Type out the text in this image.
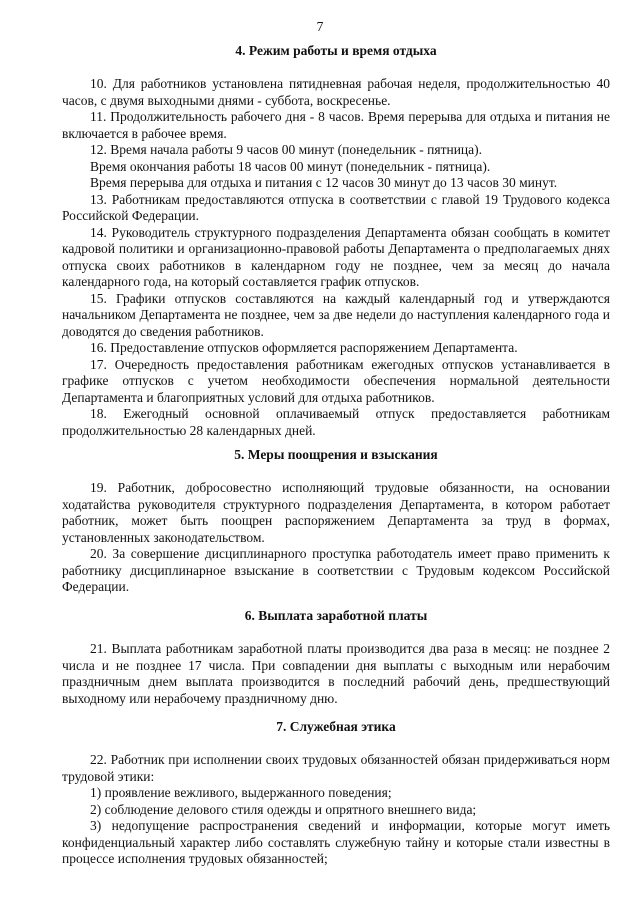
7
4. Режим работы и время отдыха

10. Для работников установлена пятидневная рабочая неделя, продолжительностью 40 часов, с двумя выходными днями - суббота, воскресенье.

11. Продолжительность рабочего дня - 8 часов. Время перерыва для отдыха и питания не включается в рабочее время.

12. Время начала работы 9 часов 00 минут (понедельник - пятница).

Время окончания работы 18 часов 00 минут (понедельник - пятница).

Время перерыва для отдыха и питания с 12 часов 30 минут до 13 часов 30 минут.

13. Работникам предоставляются отпуска в соответствии с главой 19 Трудового кодекса Российской Федерации.

14. Руководитель структурного подразделения Департамента обязан сообщать в комитет кадровой политики и организационно-правовой работы Департамента о предполагаемых днях отпуска своих работников в календарном году не позднее, чем за месяц до начала календарного года, на который составляется график отпусков.

15. Графики отпусков составляются на каждый календарный год и утверждаются начальником Департамента не позднее, чем за две недели до наступления календарного года и доводятся до сведения работников.

16. Предоставление отпусков оформляется распоряжением Департамента.

17. Очередность предоставления работникам ежегодных отпусков устанавливается в графике отпусков с учетом необходимости обеспечения нормальной деятельности Департамента и благоприятных условий для отдыха работников.

18. Ежегодный основной оплачиваемый отпуск предоставляется работникам продолжительностью 28 календарных дней.

5. Меры поощрения и взыскания

19. Работник, добросовестно исполняющий трудовые обязанности, на основании ходатайства руководителя структурного подразделения Департамента, в котором работает работник, может быть поощрен распоряжением Департамента за труд в формах, установленных законодательством.

20. За совершение дисциплинарного проступка работодатель имеет право применить к работнику дисциплинарное взыскание в соответствии с Трудовым кодексом Российской Федерации.

6. Выплата заработной платы

21. Выплата работникам заработной платы производится два раза в месяц: не позднее 2 числа и не позднее 17 числа. При совпадении дня выплаты с выходным или нерабочим праздничным днем выплата производится в последний рабочий день, предшествующий выходному или нерабочему праздничному дню.

7. Служебная этика

22. Работник при исполнении своих трудовых обязанностей обязан придерживаться норм трудовой этики:

1) проявление вежливого, выдержанного поведения;

2) соблюдение делового стиля одежды и опрятного внешнего вида;

3) недопущение распространения сведений и информации, которые могут иметь конфиденциальный характер либо составлять служебную тайну и которые стали известны в процессе исполнения трудовых обязанностей;
